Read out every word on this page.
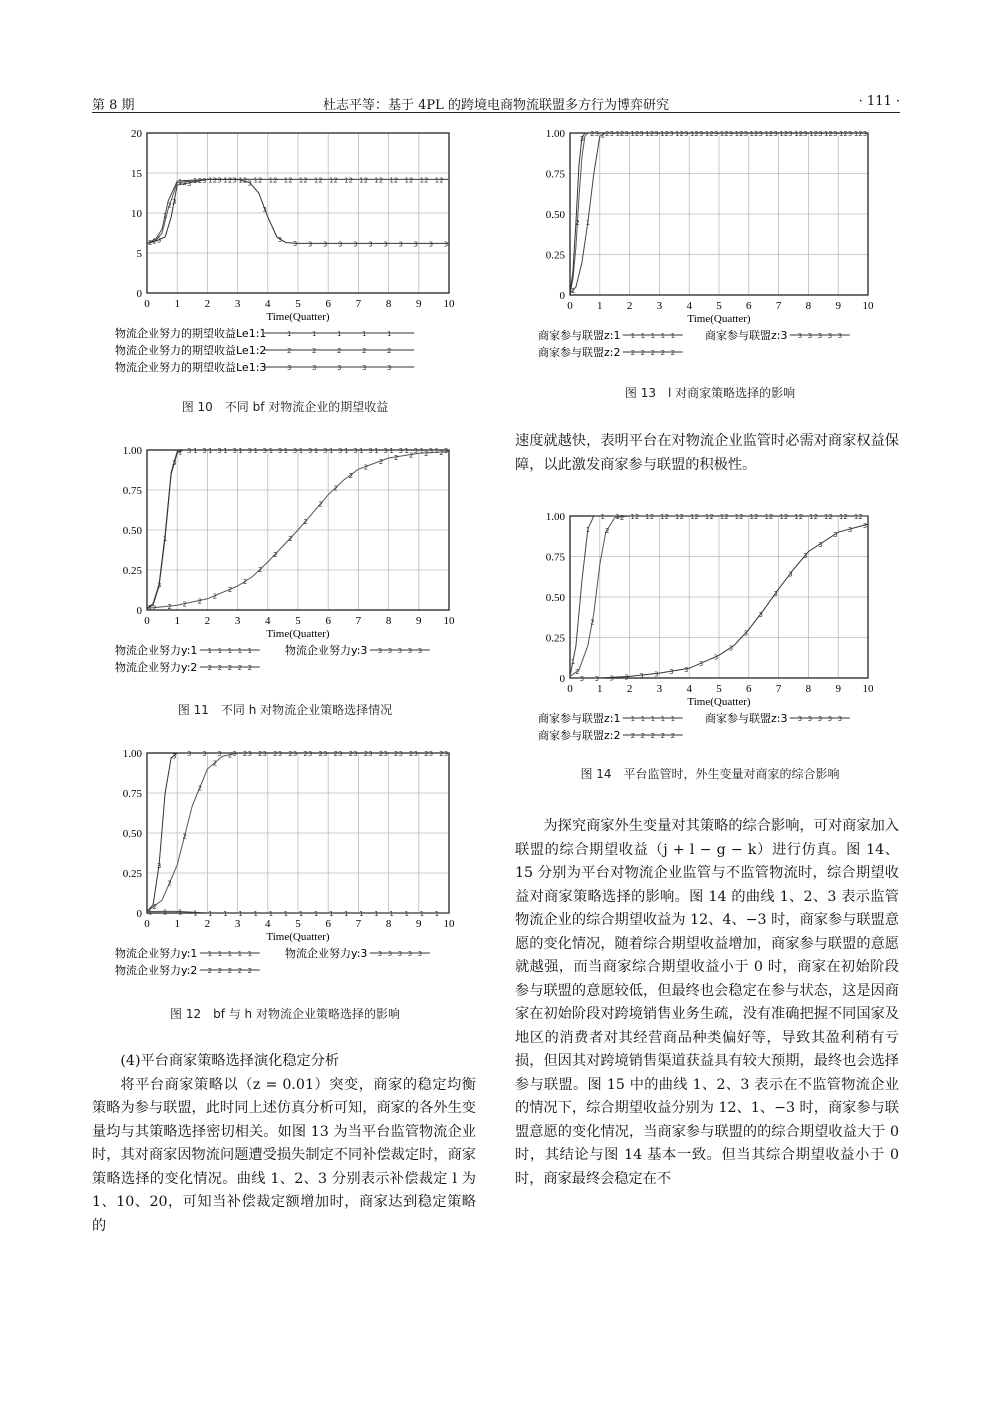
第 8 期	杜志平等：基于 4PL 的跨境电商物流联盟多方行为博弈研究	· 111 ·
0 1 2 3 4 5 6 7 8 9 10
0
5
10
15
20
Time(Quatter)
1
1
1 1 1 1 1 1 1 1 1 1 1 1 1 1 1 1 1 1
2
2
2 2 2 2 2 2 2 2 2 2 2 2 2 2 2 2 2 2
3
3
3 3 3 3 3
3
3
3 3 3 3 3 3 3 3 3 3 3
物流企业努力的期望收益Le1:1	1	1	1	1	1
物流企业努力的期望收益Le1:2	2	2	2	2	2
物流企业努力的期望收益Le1:3	3	3	3	3	3
图 10　不同 bf 对物流企业的期望收益
0 1 2 3 4 5 6 7 8 9 10
0
0.25
0.50
0.75
1.00
Time(Quatter)
1
1
1 1 1 1 1 1 1 1 1 1 1 1 1 1 1 1 1 1
2 2 2 2
2
2
2
2
2
2
2
2
2
2
2
2 2 2 2 2
3
3
3 3 3 3 3 3 3 3 3 3 3 3 3 3 3 3 3 3
物流企业努力y:1 1 1 1 1 1
物流企业努力y:2 2 2 2 2 2
物流企业努力y:3 3 3 3 3 3
图 11　不同 h 对物流企业策略选择情况
0 1 2 3 4 5 6 7 8 9 10
0
0.25
0.50
0.75
1.00
Time(Quatter)
1 1 1 1 1 1 1 1 1 1 1 1 1 1 1 1 1 1 1 1
2
2
2
2
2
2 2 2 2 2 2 2 2 2 2 2 2 2 2 2
3
3 3 3 3 3 3 3 3 3 3 3 3 3 3 3 3 3 3 3
物流企业努力y:1 1 1 1 1 1
物流企业努力y:2 2 2 2 2 2
物流企业努力y:3 3 3 3 3 3
图 12　bf 与 h 对物流企业策略选择的影响

(4)平台商家策略选择演化稳定分析

将平台商家策略以（z = 0.01）突变，商家的稳定均衡策略为参与联盟，此时同上述仿真分析可知，商家的各外生变量均与其策略选择密切相关。如图 13 为当平台监管物流企业时，其对商家因物流问题遭受损失制定不同补偿裁定时，商家策略选择的变化情况。曲线 1、2、3 分别表示补偿裁定 l 为 1、10、20，可知当补偿裁定额增加时，商家达到稳定策略的

0 1 2 3 4 5 6 7 8 9 10
0
0.25
0.50
0.75
1.00
Time(Quatter)
1
1
1 1 1 1 1 1 1 1 1 1 1 1 1 1 1 1 1 1
2
2 2 2 2 2 2 2 2 2 2 2 2 2 2 2 2 2 2 2
3
3 3 3 3 3 3 3 3 3 3 3 3 3 3 3 3 3 3 3
商家参与联盟z:1 1 1 1 1 1
商家参与联盟z:2 2 2 2 2 2
商家参与联盟z:3 3 3 3 3 3
图 13　l 对商家策略选择的影响

速度就越快，表明平台在对物流企业监管时必需对商家权益保障，以此激发商家参与联盟的积极性。

0 1 2 3 4 5 6 7 8 9 10
0
0.25
0.50
0.75
1.00
Time(Quatter)
1
1
1 1 1 1 1 1 1 1 1 1 1 1 1 1 1 1 1 1
2
2
2
2 2 2 2 2 2 2 2 2 2 2 2 2 2 2 2 2
3 3 3 3 3 3 3 3
3
3
3
3
3
3
3
3
3
3
3
3
商家参与联盟z:1 1 1 1 1 1
商家参与联盟z:2 2 2 2 2 2
商家参与联盟z:3 3 3 3 3 3
图 14　平台监管时，外生变量对商家的综合影响

为探究商家外生变量对其策略的综合影响，可对商家加入联盟的综合期望收益（j + l − g − k）进行仿真。图 14、15 分别为平台对物流企业监管与不监管物流时，综合期望收益对商家策略选择的影响。图 14 的曲线 1、2、3 表示监管物流企业的综合期望收益为 12、4、−3 时，商家参与联盟意愿的变化情况，随着综合期望收益增加，商家参与联盟的意愿就越强，而当商家综合期望收益小于 0 时，商家在初始阶段参与联盟的意愿较低，但最终也会稳定在参与状态，这是因商家在初始阶段对跨境销售业务生疏，没有准确把握不同国家及地区的消费者对其经营商品种类偏好等，导致其盈利稍有亏损，但因其对跨境销售渠道获益具有较大预期，最终也会选择参与联盟。图 15 中的曲线 1、2、3 表示在不监管物流企业的情况下，综合期望收益分别为 12、1、−3 时，商家参与联盟意愿的变化情况，当商家参与联盟的的综合期望收益大于 0 时，其结论与图 14 基本一致。但当其综合期望收益小于 0 时，商家最终会稳定在不
